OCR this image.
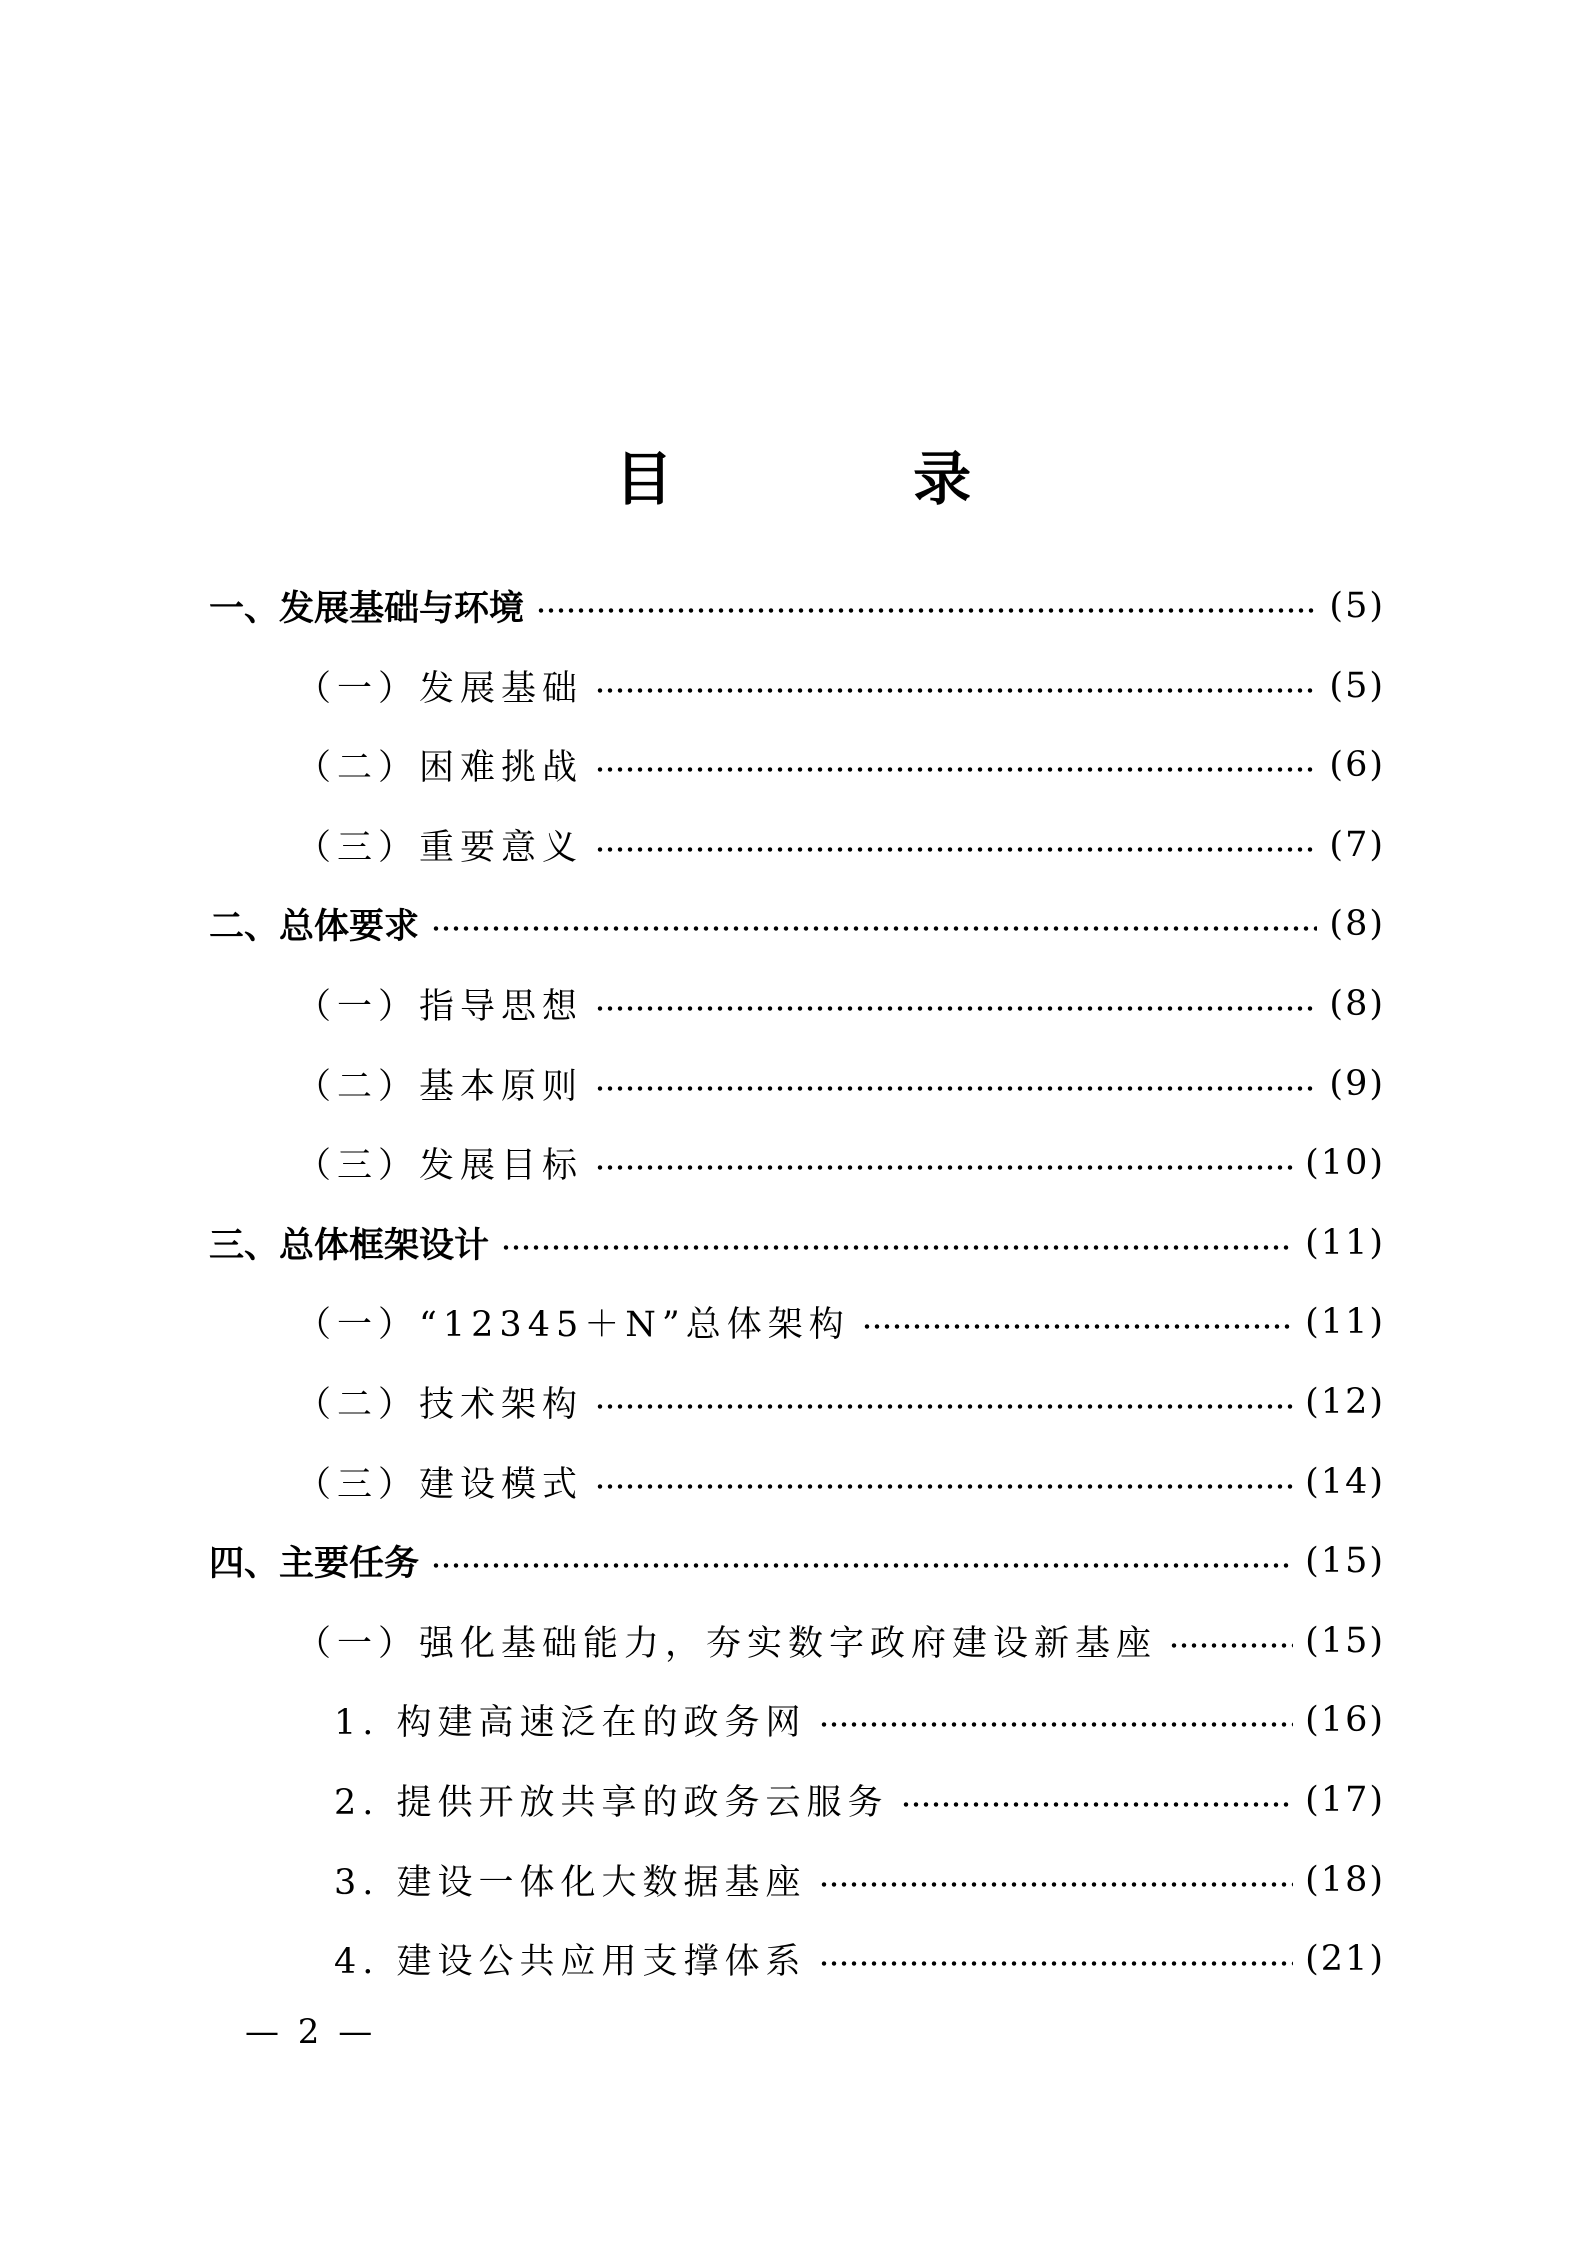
目 录
一、发展基础与环境	(5)
（一）发展基础	(5)
（二）困难挑战	(6)
（三）重要意义	(7)
二、总体要求	(8)
（一）指导思想	(8)
（二）基本原则	(9)
（三）发展目标	(10)
三、总体框架设计	(11)
（一）“12345＋N”总体架构	(11)
（二）技术架构	(12)
（三）建设模式	(14)
四、主要任务	(15)
（一）强化基础能力，夯实数字政府建设新基座	(15)
1. 构建高速泛在的政务网	(16)
2. 提供开放共享的政务云服务	(17)
3. 建设一体化大数据基座	(18)
4. 建设公共应用支撑体系	(21)
— 2 —
